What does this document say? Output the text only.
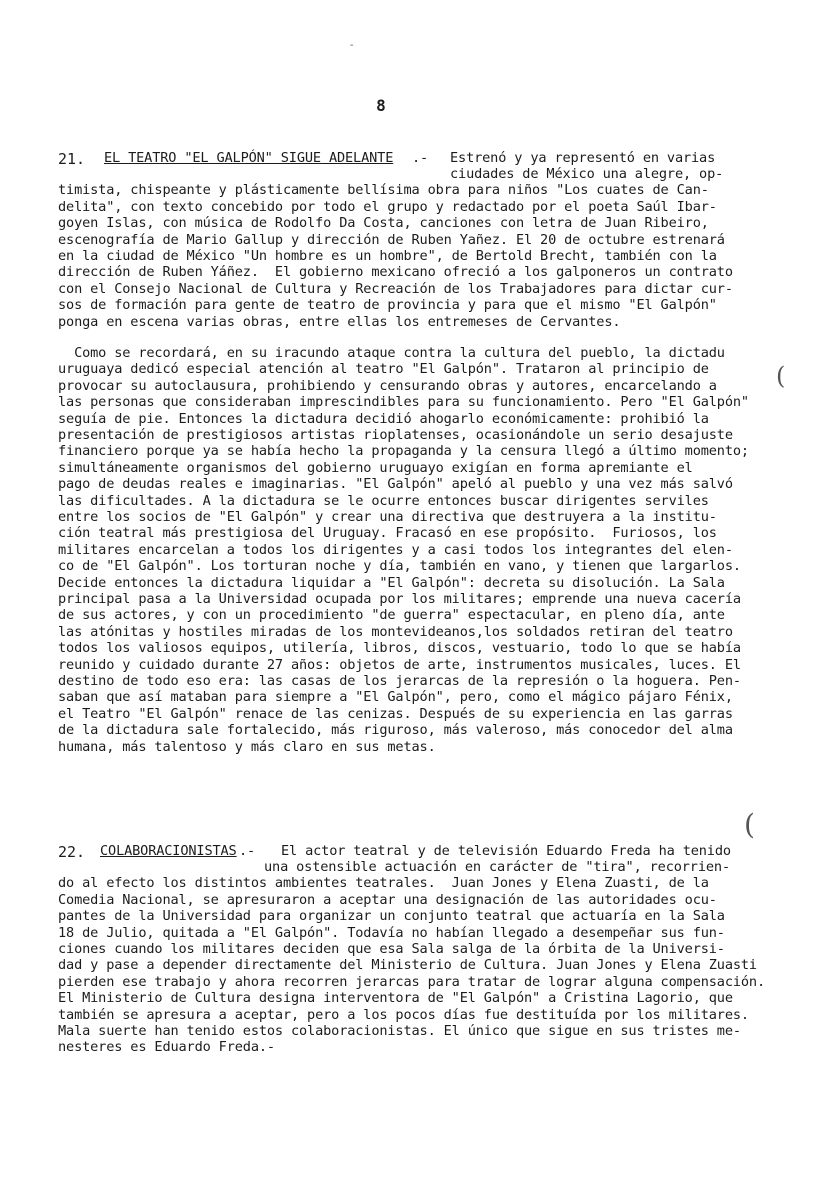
8
-
(
(
21. EL TEATRO "EL GALPÓN" SIGUE ADELANTE .- Estrenó y ya representó en varias
ciudades de México una alegre, op-
timista, chispeante y plásticamente bellísima obra para niños "Los cuates de Can-
delita", con texto concebido por todo el grupo y redactado por el poeta Saúl Ibar-
goyen Islas, con música de Rodolfo Da Costa, canciones con letra de Juan Ribeiro,
escenografía de Mario Gallup y dirección de Ruben Yañez. El 20 de octubre estrenará
en la ciudad de México "Un hombre es un hombre", de Bertold Brecht, también con la
dirección de Ruben Yáñez.  El gobierno mexicano ofreció a los galponeros un contrato
con el Consejo Nacional de Cultura y Recreación de los Trabajadores para dictar cur-
sos de formación para gente de teatro de provincia y para que el mismo "El Galpón"
ponga en escena varias obras, entre ellas los entremeses de Cervantes.
Como se recordará, en su iracundo ataque contra la cultura del pueblo, la dictadu
uruguaya dedicó especial atención al teatro "El Galpón". Trataron al principio de
provocar su autoclausura, prohibiendo y censurando obras y autores, encarcelando a
las personas que consideraban imprescindibles para su funcionamiento. Pero "El Galpón"
seguía de pie. Entonces la dictadura decidió ahogarlo económicamente: prohibió la
presentación de prestigiosos artistas rioplatenses, ocasionándole un serio desajuste
financiero porque ya se había hecho la propaganda y la censura llegó a último momento;
simultáneamente organismos del gobierno uruguayo exigían en forma apremiante el
pago de deudas reales e imaginarias. "El Galpón" apeló al pueblo y una vez más salvó
las dificultades. A la dictadura se le ocurre entonces buscar dirigentes serviles
entre los socios de "El Galpón" y crear una directiva que destruyera a la institu-
ción teatral más prestigiosa del Uruguay. Fracasó en ese propósito.  Furiosos, los
militares encarcelan a todos los dirigentes y a casi todos los integrantes del elen-
co de "El Galpón". Los torturan noche y día, también en vano, y tienen que largarlos.
Decide entonces la dictadura liquidar a "El Galpón": decreta su disolución. La Sala
principal pasa a la Universidad ocupada por los militares; emprende una nueva cacería
de sus actores, y con un procedimiento "de guerra" espectacular, en pleno día, ante
las atónitas y hostiles miradas de los montevideanos,los soldados retiran del teatro
todos los valiosos equipos, utilería, libros, discos, vestuario, todo lo que se había
reunido y cuidado durante 27 años: objetos de arte, instrumentos musicales, luces. El
destino de todo eso era: las casas de los jerarcas de la represión o la hoguera. Pen-
saban que así mataban para siempre a "El Galpón", pero, como el mágico pájaro Fénix,
el Teatro "El Galpón" renace de las cenizas. Después de su experiencia en las garras
de la dictadura sale fortalecido, más riguroso, más valeroso, más conocedor del alma
humana, más talentoso y más claro en sus metas.
22. COLABORACIONISTAS .- El actor teatral y de televisión Eduardo Freda ha tenido
una ostensible actuación en carácter de "tira", recorrien-
do al efecto los distintos ambientes teatrales.  Juan Jones y Elena Zuasti, de la
Comedia Nacional, se apresuraron a aceptar una designación de las autoridades ocu-
pantes de la Universidad para organizar un conjunto teatral que actuaría en la Sala
18 de Julio, quitada a "El Galpón". Todavía no habían llegado a desempeñar sus fun-
ciones cuando los militares deciden que esa Sala salga de la órbita de la Universi-
dad y pase a depender directamente del Ministerio de Cultura. Juan Jones y Elena Zuasti
pierden ese trabajo y ahora recorren jerarcas para tratar de lograr alguna compensación.
El Ministerio de Cultura designa interventora de "El Galpón" a Cristina Lagorio, que
también se apresura a aceptar, pero a los pocos días fue destituída por los militares.
Mala suerte han tenido estos colaboracionistas. El único que sigue en sus tristes me-
nesteres es Eduardo Freda.-
